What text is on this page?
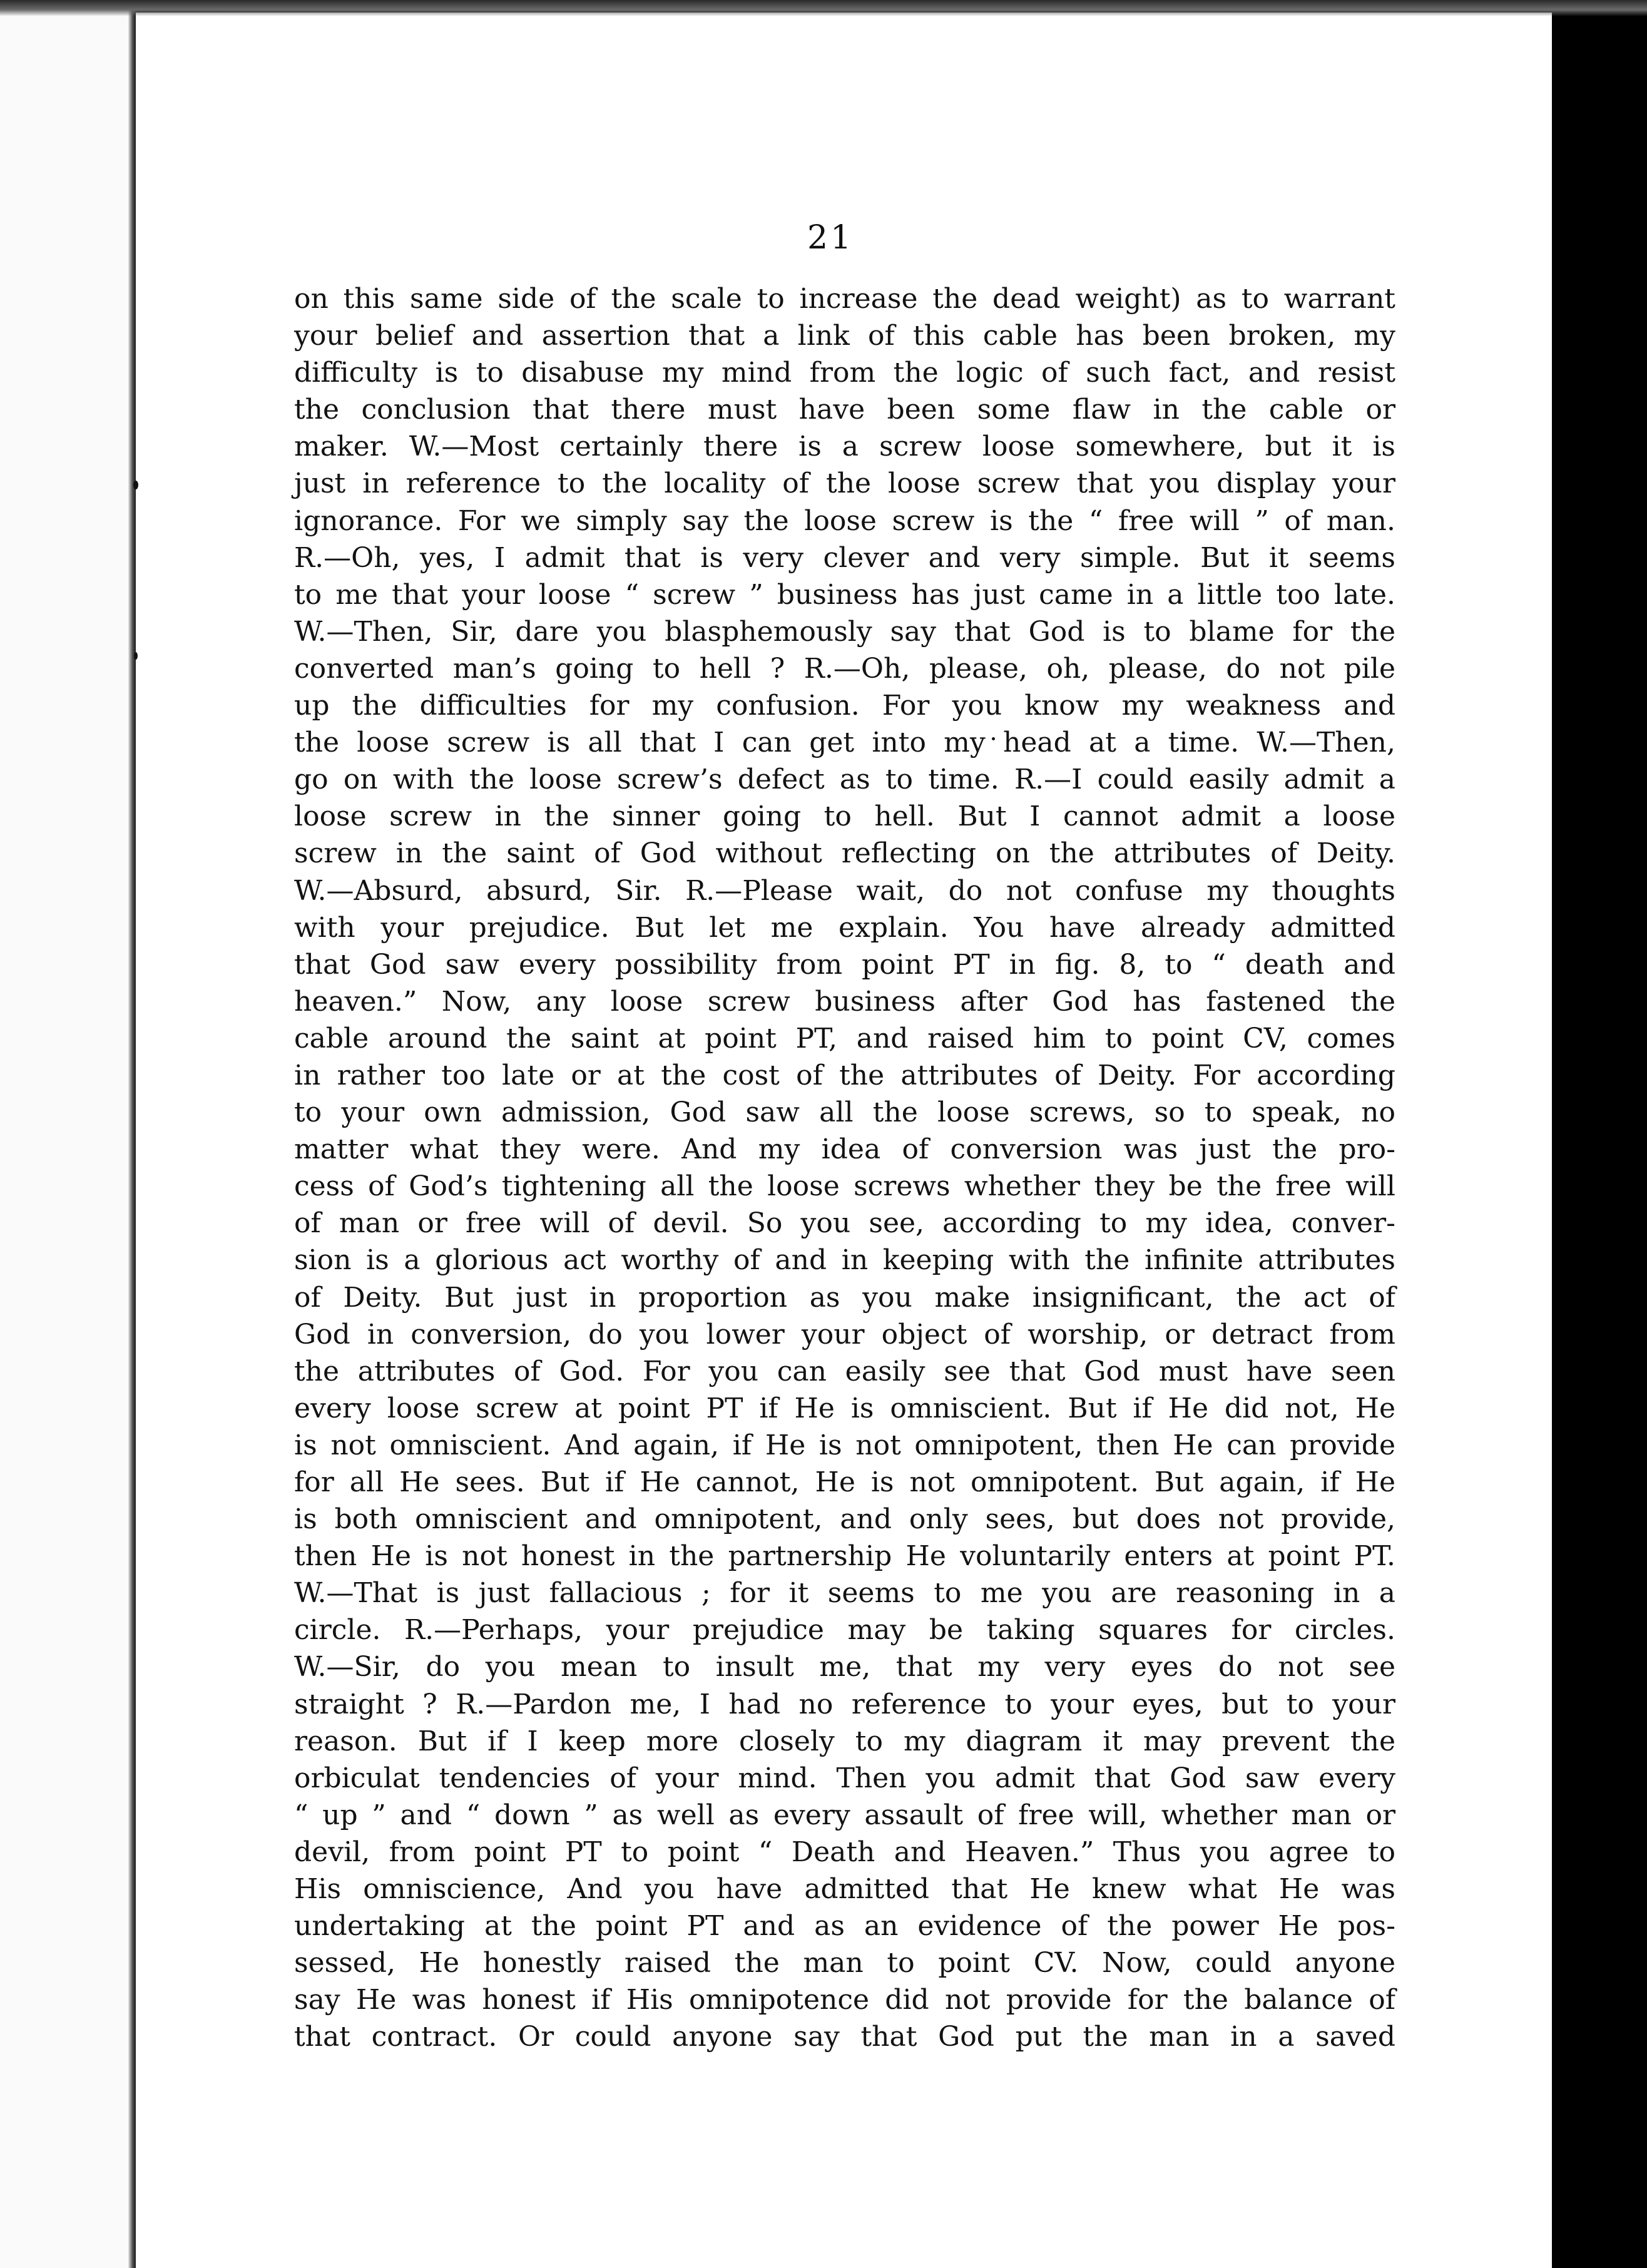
21
on this same side of the scale to increase the dead weight) as to warrant
your belief and assertion that a link of this cable has been broken, my
difficulty is to disabuse my mind from the logic of such fact, and resist
the conclusion that there must have been some flaw in the cable or
maker. W.—Most certainly there is a screw loose somewhere, but it is
just in reference to the locality of the loose screw that you display your
ignorance. For we simply say the loose screw is the “ free will ” of man.
R.—Oh, yes, I admit that is very clever and very simple. But it seems
to me that your loose “ screw ” business has just came in a little too late.
W.—Then, Sir, dare you blasphemously say that God is to blame for the
converted man’s going to hell ? R.—Oh, please, oh, please, do not pile
up the difficulties for my confusion. For you know my weakness and
the loose screw is all that I can get into my head at a time. W.—Then,
go on with the loose screw’s defect as to time. R.—I could easily admit a
loose screw in the sinner going to hell. But I cannot admit a loose
screw in the saint of God without reflecting on the attributes of Deity.
W.—Absurd, absurd, Sir. R.—Please wait, do not confuse my thoughts
with your prejudice. But let me explain. You have already admitted
that God saw every possibility from point PT in fig. 8, to “ death and
heaven.” Now, any loose screw business after God has fastened the
cable around the saint at point PT, and raised him to point CV, comes
in rather too late or at the cost of the attributes of Deity. For according
to your own admission, God saw all the loose screws, so to speak, no
matter what they were. And my idea of conversion was just the pro-
cess of God’s tightening all the loose screws whether they be the free will
of man or free will of devil. So you see, according to my idea, conver-
sion is a glorious act worthy of and in keeping with the infinite attributes
of Deity. But just in proportion as you make insignificant, the act of
God in conversion, do you lower your object of worship, or detract from
the attributes of God. For you can easily see that God must have seen
every loose screw at point PT if He is omniscient. But if He did not, He
is not omniscient. And again, if He is not omnipotent, then He can provide
for all He sees. But if He cannot, He is not omnipotent. But again, if He
is both omniscient and omnipotent, and only sees, but does not provide,
then He is not honest in the partnership He voluntarily enters at point PT.
W.—That is just fallacious ; for it seems to me you are reasoning in a
circle. R.—Perhaps, your prejudice may be taking squares for circles.
W.—Sir, do you mean to insult me, that my very eyes do not see
straight ? R.—Pardon me, I had no reference to your eyes, but to your
reason. But if I keep more closely to my diagram it may prevent the
orbiculat tendencies of your mind. Then you admit that God saw every
“ up ” and “ down ” as well as every assault of free will, whether man or
devil, from point PT to point “ Death and Heaven.” Thus you agree to
His omniscience, And you have admitted that He knew what He was
undertaking at the point PT and as an evidence of the power He pos-
sessed, He honestly raised the man to point CV. Now, could anyone
say He was honest if His omnipotence did not provide for the balance of
that contract. Or could anyone say that God put the man in a saved
